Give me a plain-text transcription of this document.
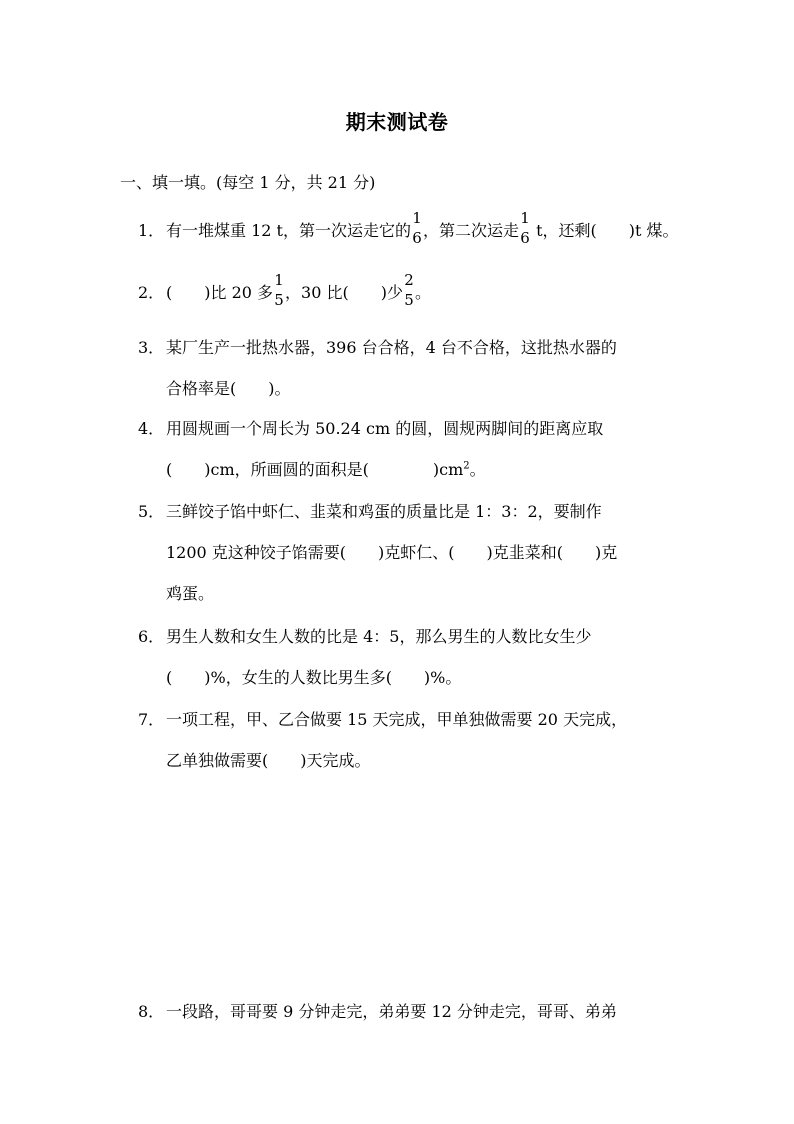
期末测试卷
一、填一填。(每空 1 分，共 21 分)
1． 有一堆煤重 12 t，第一次运走它的
1
6 ，第二次运走
1
6 t，还剩(　　)t 煤。
2． (　　)比 20 多
1
5 ，30 比(　　)少
2
5 。
3． 某厂生产一批热水器，396 台合格，4 台不合格，这批热水器的
合格率是(　　)。
4． 用圆规画一个周长为 50.24 cm 的圆，圆规两脚间的距离应取
(　　)cm，所画圆的面积是(　　　　)$cm^2$。
5． 三鲜饺子馅中虾仁、韭菜和鸡蛋的质量比是 1：3：2，要制作
1200 克这种饺子馅需要(　　)克虾仁、(　　)克韭菜和(　　)克
鸡蛋。
6． 男生人数和女生人数的比是 4：5，那么男生的人数比女生少
(　　)%，女生的人数比男生多(　　)%。
7． 一项工程，甲、乙合做要 15 天完成，甲单独做需要 20 天完成，
乙单独做需要(　　)天完成。
8． 一段路，哥哥要 9 分钟走完，弟弟要 12 分钟走完，哥哥、弟弟
